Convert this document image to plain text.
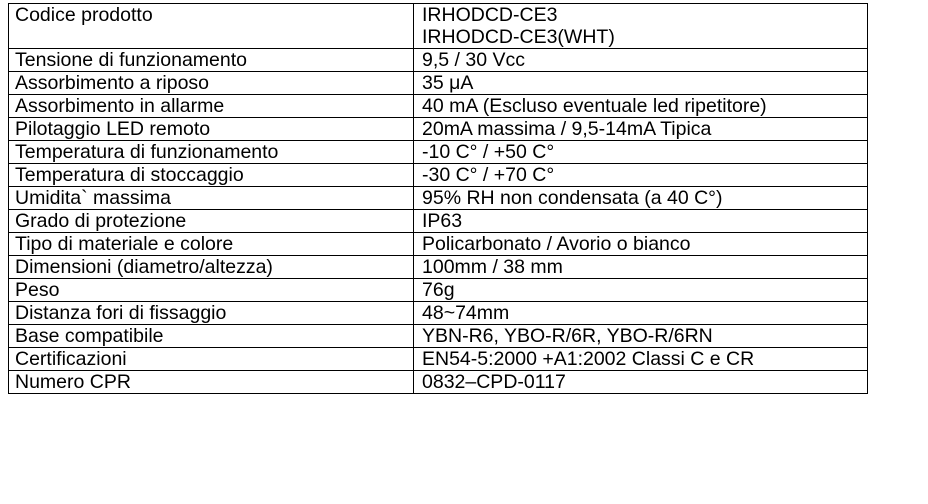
Codice prodotto	IRHODCD-CE3
IRHODCD-CE3(WHT)

Tensione di funzionamento	9,5 / 30 Vcc
Assorbimento a riposo	35 μA
Assorbimento in allarme	40 mA (Escluso eventuale led ripetitore)
Pilotaggio LED remoto	20mA massima / 9,5-14mA Tipica
Temperatura di funzionamento	-10 C° / +50 C°
Temperatura di stoccaggio	-30 C° / +70 C°
Umidita` massima	95% RH non condensata (a 40 C°)
Grado di protezione	IP63
Tipo di materiale e colore	Policarbonato / Avorio o bianco
Dimensioni (diametro/altezza)	100mm / 38 mm
Peso	76g
Distanza fori di fissaggio	48~74mm
Base compatibile	YBN-R6, YBO-R/6R, YBO-R/6RN
Certificazioni	EN54-5:2000 +A1:2002 Classi C e CR
Numero CPR	0832–CPD-0117
